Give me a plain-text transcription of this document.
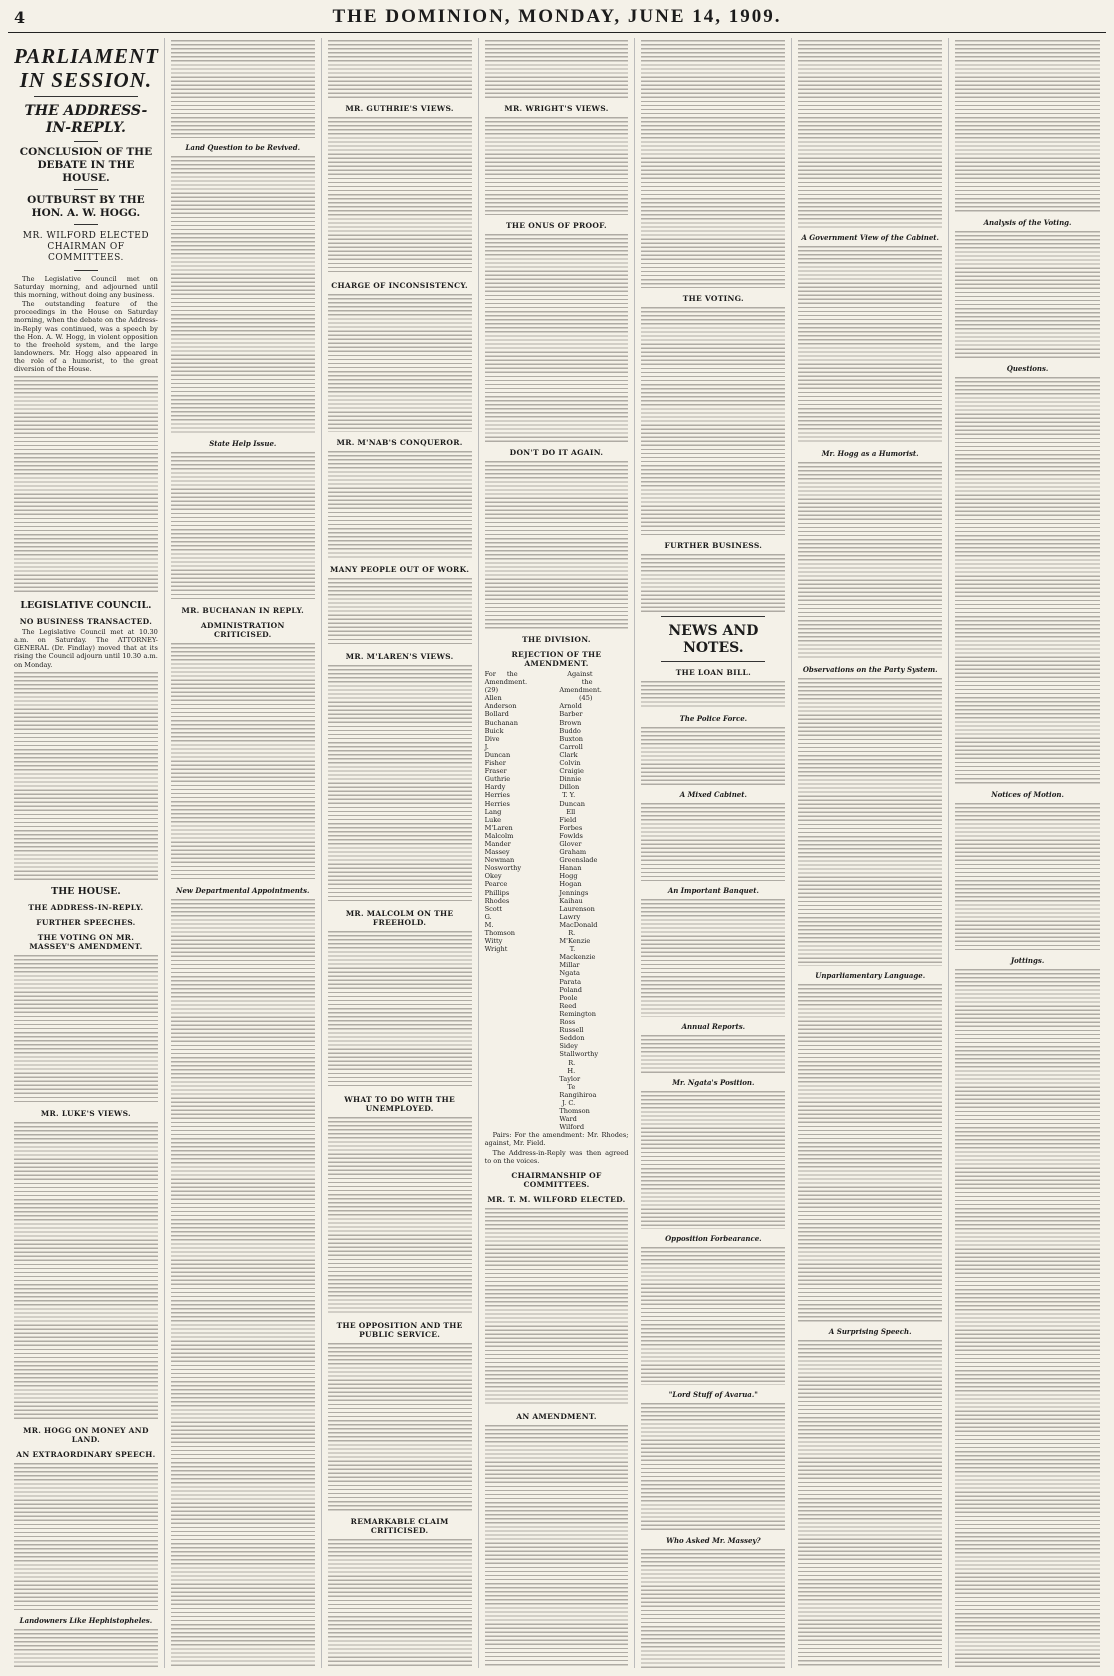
4	THE DOMINION, MONDAY, JUNE 14, 1909.
PARLIAMENT IN SESSION.
THE ADDRESS-IN-REPLY.
CONCLUSION OF THE DEBATE IN THE HOUSE.
OUTBURST BY THE HON. A. W. HOGG.
MR. WILFORD ELECTED CHAIRMAN OF COMMITTEES.

The Legislative Council met on Saturday morning, and adjourned until this morning, without doing any business.

The outstanding feature of the proceedings in the House on Saturday morning, when the debate on the Address-in-Reply was continued, was a speech by the Hon. A. W. Hogg, in violent opposition to the freehold system, and the large landowners. Mr. Hogg also appeared in the role of a humorist, to the great diversion of the House.

LEGISLATIVE COUNCIL.
NO BUSINESS TRANSACTED.

The Legislative Council met at 10.30 a.m. on Saturday. The ATTORNEY-GENERAL (Dr. Findlay) moved that at its rising the Council adjourn until 10.30 a.m. on Monday.

THE HOUSE.
THE ADDRESS-IN-REPLY.
FURTHER SPEECHES.
THE VOTING ON MR. MASSEY'S AMENDMENT.
MR. LUKE'S VIEWS.
MR. HOGG ON MONEY AND LAND.
AN EXTRAORDINARY SPEECH.
Landowners Like Hephistopheles.
Land Question to be Revived.
State Help Issue.
MR. BUCHANAN IN REPLY.
ADMINISTRATION CRITICISED.
New Departmental Appointments.
MR. GUTHRIE'S VIEWS.
CHARGE OF INCONSISTENCY.
MR. M'NAB'S CONQUEROR.
MANY PEOPLE OUT OF WORK.
MR. M'LAREN'S VIEWS.
MR. MALCOLM ON THE FREEHOLD.
WHAT TO DO WITH THE UNEMPLOYED.
THE OPPOSITION AND THE PUBLIC SERVICE.
REMARKABLE CLAIM CRITICISED.
MR. WRIGHT'S VIEWS.
THE ONUS OF PROOF.
DON'T DO IT AGAIN.
THE DIVISION.
REJECTION OF THE AMENDMENT.
For the Amendment.
(29)
Allen
Anderson
Bollard
Buchanan
Buick
Dive
J. Duncan
Fisher
Fraser
Guthrie
Hardy
Herries
Herries
Lang
Luke
M'Laren
Malcolm
Mander
Massey
Newman
Nosworthy
Okey
Pearce
Phillips
Rhodes
Scott
G. M. Thomson
Witty
Wright
Against the Amendment.
(45)
Arnold
Barber
Brown
Buddo
Buxton
Carroll
Clark
Colvin
Craigie
Dinnie
Dillon
T. Y. Duncan
Ell
Field
Forbes
Fowlds
Glover
Graham
Greenslade
Hanan
Hogg
Hogan
Jennings
Kaihau
Laurenson
Lawry
MacDonald
R. M'Kenzie
T. Mackenzie
Millar
Ngata
Parata
Poland
Poole
Reed
Remington
Ross
Russell
Seddon
Sidey
Stallworthy
R. H. Taylor
Te Rangihiroa
J. C. Thomson
Ward
Wilford

Pairs: For the amendment: Mr. Rhodes; against, Mr. Field.

The Address-in-Reply was then agreed to on the voices.

CHAIRMANSHIP OF COMMITTEES.
MR. T. M. WILFORD ELECTED.
AN AMENDMENT.
THE VOTING.
FURTHER BUSINESS.
NEWS AND NOTES.
THE LOAN BILL.
The Police Force.
A Mixed Cabinet.
An Important Banquet.
Annual Reports.
Mr. Ngata's Position.
Opposition Forbearance.
"Lord Stuff of Avarua."
Who Asked Mr. Massey?
A Government View of the Cabinet.
Mr. Hogg as a Humorist.
Observations on the Party System.
Unparliamentary Language.
A Surprising Speech.
Analysis of the Voting.
Questions.
Notices of Motion.
Jottings.
